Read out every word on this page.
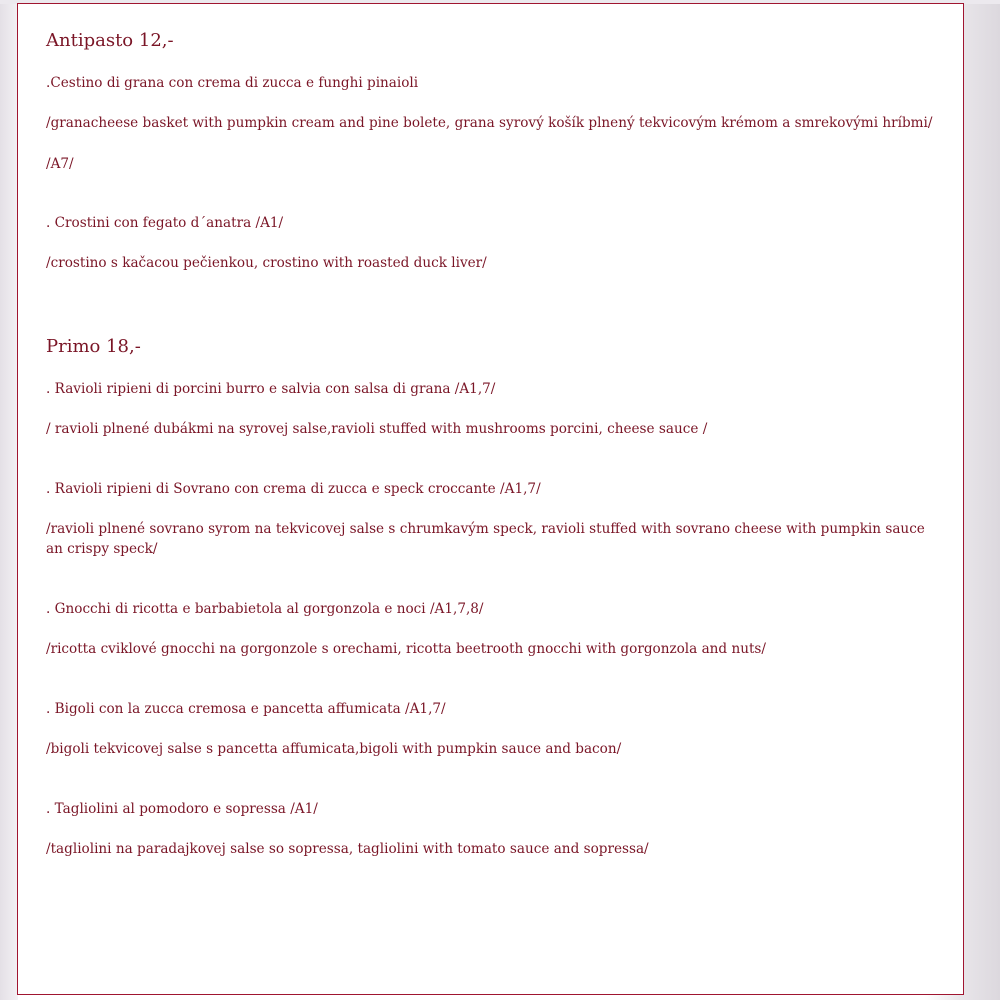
Antipasto 12,-
.Cestino di grana con crema di zucca e funghi pinaioli
/granacheese basket with pumpkin cream and pine bolete, grana syrový košík plnený tekvicovým krémom a smrekovými hríbmi/
/A7/
. Crostini con fegato d´anatra /A1/
/crostino s kačacou pečienkou, crostino with roasted duck liver/
Primo 18,-
. Ravioli ripieni di porcini burro e salvia con salsa di grana /A1,7/
/ ravioli plnené dubákmi na syrovej salse,ravioli stuffed with mushrooms porcini, cheese sauce /
. Ravioli ripieni di Sovrano con crema di zucca e speck croccante /A1,7/
/ravioli plnené sovrano syrom na tekvicovej salse s chrumkavým speck, ravioli stuffed with sovrano cheese with pumpkin sauce an crispy speck/
. Gnocchi di ricotta e barbabietola al gorgonzola e noci /A1,7,8/
/ricotta cviklové gnocchi na gorgonzole s orechami, ricotta beetrooth gnocchi with gorgonzola and nuts/
. Bigoli con la zucca cremosa e pancetta affumicata /A1,7/
/bigoli tekvicovej salse s pancetta affumicata,bigoli with pumpkin sauce and bacon/
. Tagliolini al pomodoro e sopressa /A1/
/tagliolini na paradajkovej salse so sopressa, tagliolini with tomato sauce and sopressa/
